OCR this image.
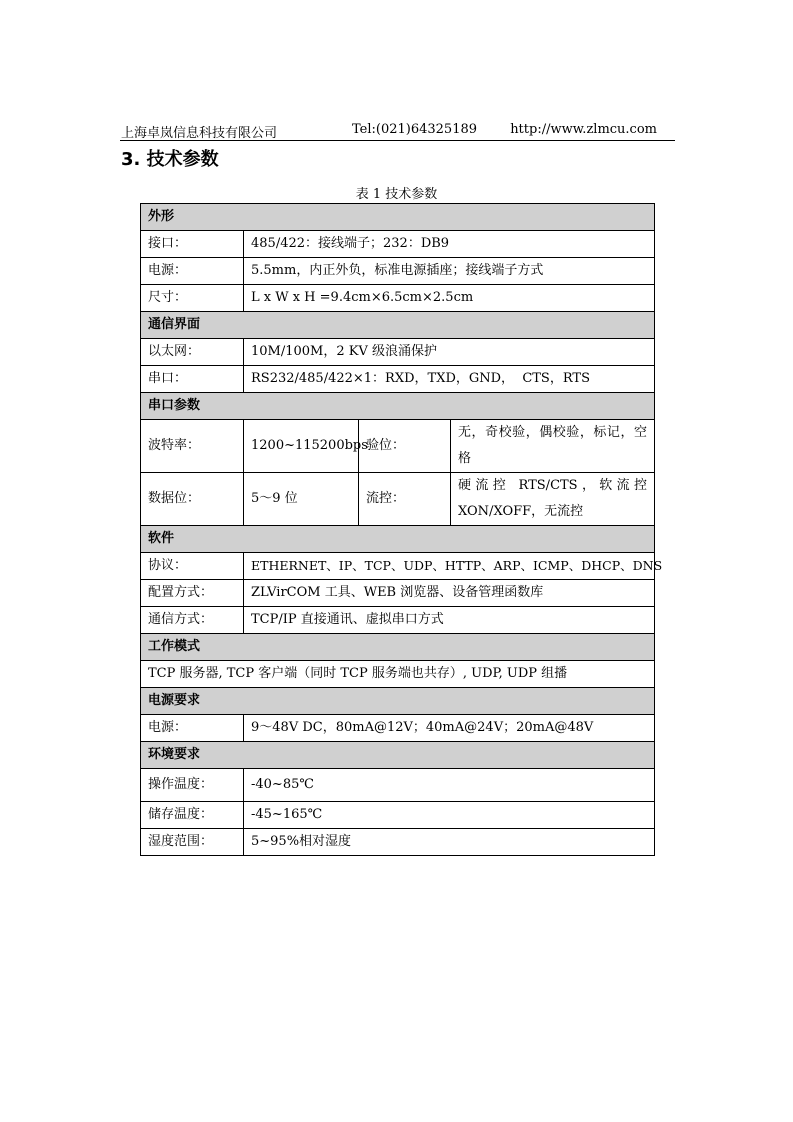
上海卓岚信息科技有限公司	Tel:(021)64325189	http://www.zlmcu.com
3. 技术参数
表 1 技术参数
外形			
接口：	485/422：接线端子；232：DB9		
电源：	5.5mm，内正外负，标准电源插座；接线端子方式		
尺寸：	L x W x H =9.4cm×6.5cm×2.5cm		
通信界面			
以太网：	10M/100M，2 KV 级浪涌保护		
串口：	RS232/485/422×1：RXD，TXD，GND，  CTS，RTS		
串口参数			
波特率：	1200~115200bps	验位：	无，奇校验，偶校验，标记，空格
数据位：	5～9 位	流控：	硬流控 RTS/CTS，软流控 XON/XOFF，无流控
软件			
协议：	ETHERNET、IP、TCP、UDP、HTTP、ARP、ICMP、DHCP、DNS		
配置方式：	ZLVirCOM 工具、WEB 浏览器、设备管理函数库		
通信方式：	TCP/IP 直接通讯、虚拟串口方式		
工作模式			
TCP 服务器, TCP 客户端（同时 TCP 服务端也共存）, UDP, UDP 组播			
电源要求			
电源：	9～48V DC，80mA@12V；40mA@24V；20mA@48V		
环境要求			
操作温度：	-40~85℃		
储存温度：	-45~165℃		
湿度范围：	5~95%相对湿度		
